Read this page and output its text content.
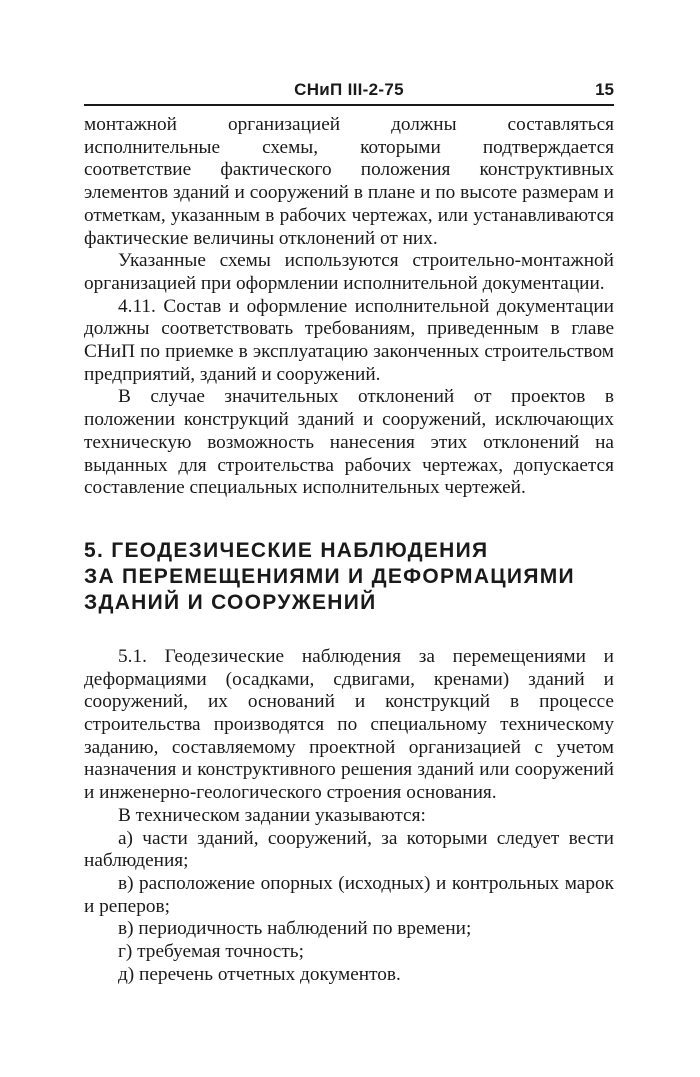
СНиП III-2-75	15

монтажной организацией должны составляться исполнительные схемы, которыми подтверждается соответствие фактического положения конструктивных элементов зданий и сооружений в плане и по высоте размерам и отметкам, указанным в рабочих чертежах, или устанавливаются фактические величины отклонений от них.

Указанные схемы используются строительно-монтажной организацией при оформлении исполнительной документации.

4.11. Состав и оформление исполнительной документации должны соответствовать требованиям, приведенным в главе СНиП по приемке в эксплуатацию законченных строительством предприятий, зданий и сооружений.

В случае значительных отклонений от проектов в положении конструкций зданий и сооружений, исключающих техническую возможность нанесения этих отклонений на выданных для строительства рабочих чертежах, допускается составление специальных исполнительных чертежей.

5. ГЕОДЕЗИЧЕСКИЕ НАБЛЮДЕНИЯ
ЗА ПЕРЕМЕЩЕНИЯМИ И ДЕФОРМАЦИЯМИ
ЗДАНИЙ И СООРУЖЕНИЙ

5.1. Геодезические наблюдения за перемещениями и деформациями (осадками, сдвигами, кренами) зданий и сооружений, их оснований и конструкций в процессе строительства производятся по специальному техническому заданию, составляемому проектной организацией с учетом назначения и конструктивного решения зданий или сооружений и инженерно-геологического строения основания.

В техническом задании указываются:

а) части зданий, сооружений, за которыми следует вести наблюдения;

в) расположение опорных (исходных) и контрольных марок и реперов;

в) периодичность наблюдений по времени;

г) требуемая точность;

д) перечень отчетных документов.
